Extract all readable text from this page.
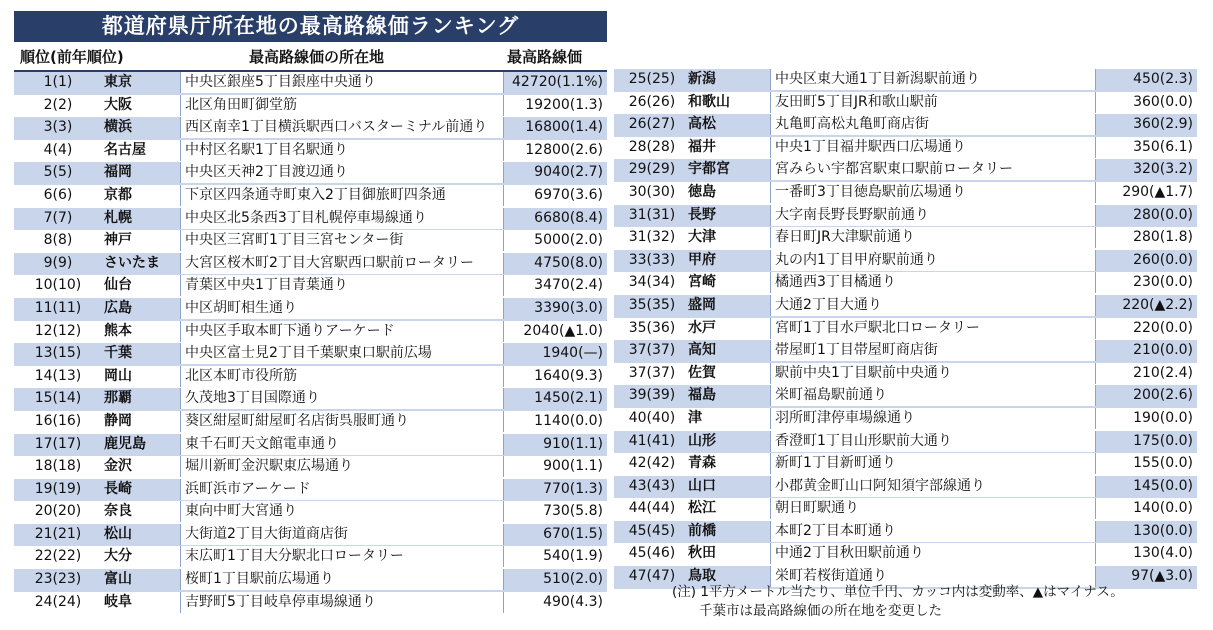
都道府県庁所在地の最高路線価ランキング
順位(前年順位)	最高路線価の所在地	最高路線価
1(1)	東京	中央区銀座5丁目銀座中央通り	42720(1.1%)
2(2)	大阪	北区角田町御堂筋	19200(1.3)
3(3)	横浜	西区南幸1丁目横浜駅西口バスターミナル前通り	16800(1.4)
4(4)	名古屋	中村区名駅1丁目名駅通り	12800(2.6)
5(5)	福岡	中央区天神2丁目渡辺通り	9040(2.7)
6(6)	京都	下京区四条通寺町東入2丁目御旅町四条通	6970(3.6)
7(7)	札幌	中央区北5条西3丁目札幌停車場線通り	6680(8.4)
8(8)	神戸	中央区三宮町1丁目三宮センター街	5000(2.0)
9(9)	さいたま	大宮区桜木町2丁目大宮駅西口駅前ロータリー	4750(8.0)
10(10)	仙台	青葉区中央1丁目青葉通り	3470(2.4)
11(11)	広島	中区胡町相生通り	3390(3.0)
12(12)	熊本	中央区手取本町下通りアーケード	2040(▲1.0)
13(15)	千葉	中央区富士見2丁目千葉駅東口駅前広場	1940(—)
14(13)	岡山	北区本町市役所筋	1640(9.3)
15(14)	那覇	久茂地3丁目国際通り	1450(2.1)
16(16)	静岡	葵区紺屋町紺屋町名店街呉服町通り	1140(0.0)
17(17)	鹿児島	東千石町天文館電車通り	910(1.1)
18(18)	金沢	堀川新町金沢駅東広場通り	900(1.1)
19(19)	長崎	浜町浜市アーケード	770(1.3)
20(20)	奈良	東向中町大宮通り	730(5.8)
21(21)	松山	大街道2丁目大街道商店街	670(1.5)
22(22)	大分	末広町1丁目大分駅北口ロータリー	540(1.9)
23(23)	富山	桜町1丁目駅前広場通り	510(2.0)
24(24)	岐阜	吉野町5丁目岐阜停車場線通り	490(4.3)
25(25) 新潟	中央区東大通1丁目新潟駅前通り	450(2.3)
26(26) 和歌山	友田町5丁目JR和歌山駅前	360(0.0)
26(27) 高松	丸亀町高松丸亀町商店街	360(2.9)
28(28) 福井	中央1丁目福井駅西口広場通り	350(6.1)
29(29) 宇都宮	宮みらい宇都宮駅東口駅前ロータリー	320(3.2)
30(30) 徳島	一番町3丁目徳島駅前広場通り	290(▲1.7)
31(31) 長野	大字南長野長野駅前通り	280(0.0)
31(32) 大津	春日町JR大津駅前通り	280(1.8)
33(33) 甲府	丸の内1丁目甲府駅前通り	260(0.0)
34(34) 宮崎	橘通西3丁目橘通り	230(0.0)
35(35) 盛岡	大通2丁目大通り	220(▲2.2)
35(36) 水戸	宮町1丁目水戸駅北口ロータリー	220(0.0)
37(37) 高知	帯屋町1丁目帯屋町商店街	210(0.0)
37(37) 佐賀	駅前中央1丁目駅前中央通り	210(2.4)
39(39) 福島	栄町福島駅前通り	200(2.6)
40(40) 津	羽所町津停車場線通り	190(0.0)
41(41) 山形	香澄町1丁目山形駅前大通り	175(0.0)
42(42) 青森	新町1丁目新町通り	155(0.0)
43(43) 山口	小郡黄金町山口阿知須宇部線通り	145(0.0)
44(44) 松江	朝日町駅通り	140(0.0)
45(45) 前橋	本町2丁目本町通り	130(0.0)
45(46) 秋田	中通2丁目秋田駅前通り	130(4.0)
47(47) 鳥取	栄町若桜街道通り	97(▲3.0)
(注) 1平方メートル当たり、単位千円、カッコ内は変動率、▲はマイナス。
千葉市は最高路線価の所在地を変更した
